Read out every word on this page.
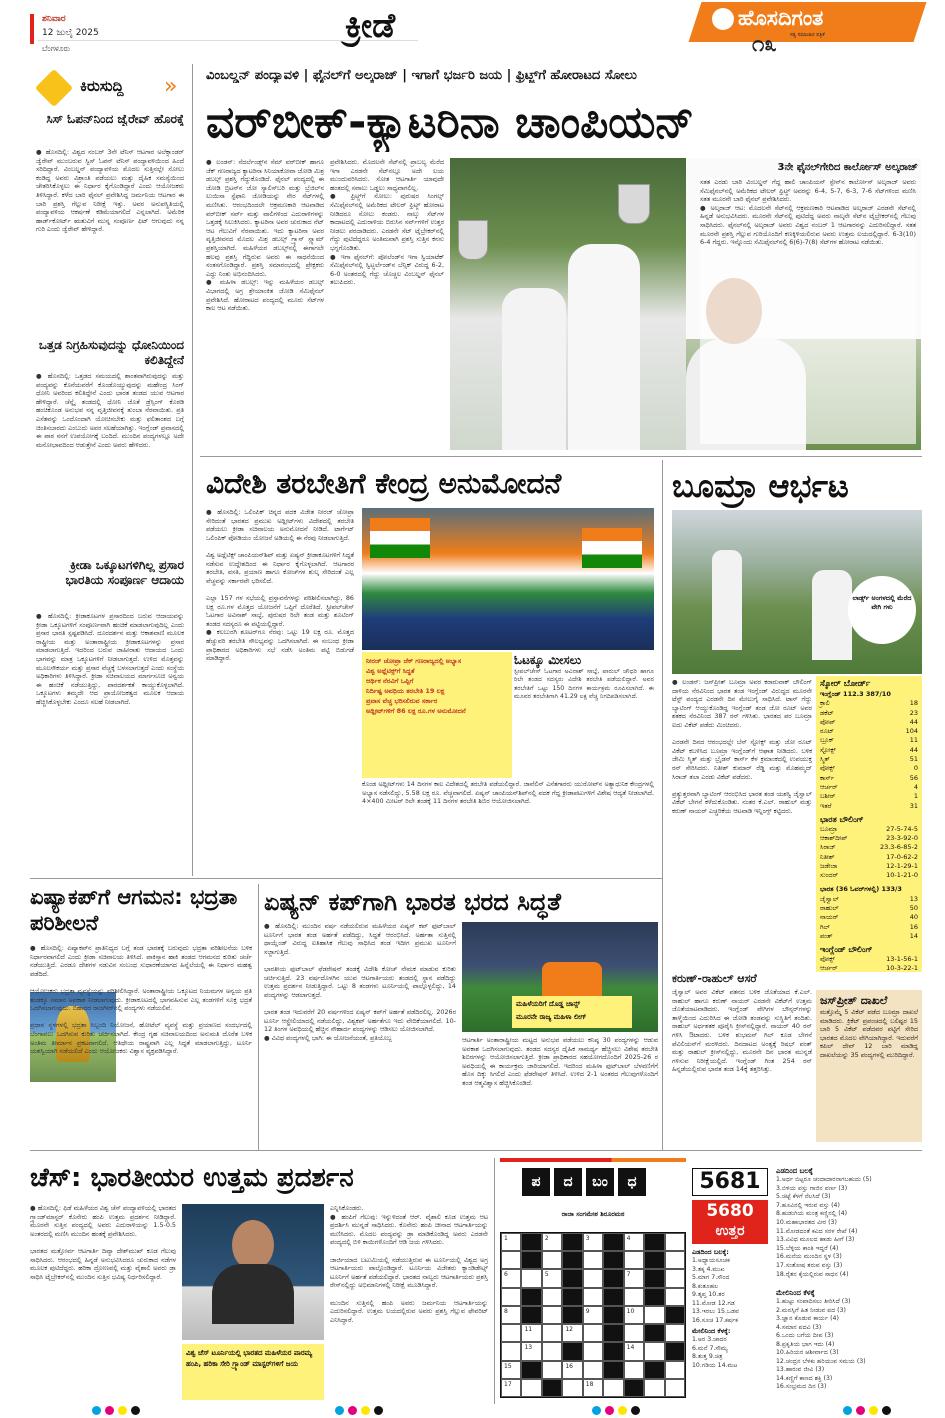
ಶನಿವಾರ
12 ಜುಲೈ 2025
ಬೆಂಗಳೂರು
ಕ್ರೀಡೆ	ಹೊಸದಿಗಂತ
ಸತ್ಯ ಸಮಾಚಾರ ಪತ್ರಿಕೆ
೧೩
ಕಿರುಸುದ್ದಿ »
ಸಿಸ್ ಓಪನ್‌ನಿಂದ ಜ್ವೆರೇವ್ ಹೊರಕ್ಕೆ
● ಹೊಸದಿಲ್ಲಿ: ವಿಶ್ವದ ನಂಬರ್ 3ನೇ ಟೆನಿಸ್ ಆಟಗಾರ ಅಲೆಕ್ಸಾಂಡರ್ ಜ್ವೆರೇವ್ ಮುಂಬರುವ ಸ್ವಿಸ್ ಓಪನ್ ಟೆನಿಸ್ ಪಂದ್ಯಾವಳಿಯಿಂದ ಹಿಂದೆ ಸರಿದಿದ್ದಾರೆ. ವಿಂಬಲ್ಡನ್ ಪಂದ್ಯಾವಳಿಯ ಮೊದಲ ಸುತ್ತಿನಲ್ಲೇ ಸೋಲು ಕಂಡಿದ್ದ ಅವರು ವಿಶ್ರಾಂತಿ ಪಡೆಯಲು ಮತ್ತು ದೈಹಿಕ ಸಮಸ್ಯೆಯಿಂದ ಚೇತರಿಸಿಕೊಳ್ಳಲು ಈ ನಿರ್ಧಾರ ಕೈಗೊಂಡಿದ್ದಾರೆ ಎಂದು ಆಯೋಜಕರು ತಿಳಿಸಿದ್ದಾರೆ. ಕಳೆದ ಬಾರಿ ಫೈನಲ್ ಪ್ರವೇಶಿಸಿದ್ದ ಜರ್ಮನಿಯ ಆಟಗಾರ ಈ ಬಾರಿ ಪ್ರಶಸ್ತಿ ಗೆಲ್ಲುವ ನಿರೀಕ್ಷೆ ಇತ್ತು. ಅವರ ಅನುಪಸ್ಥಿತಿಯಲ್ಲಿ ಪಂದ್ಯಾವಳಿಯ ಆಕರ್ಷಣೆ ಕಡಿಮೆಯಾಗಲಿದೆ ಎನ್ನಲಾಗಿದೆ. ಅಮೆರಿಕ ಹಾರ್ಡ್‌ಕೋರ್ಟ್ ಋತುವಿಗೆ ಮುನ್ನ ಸಂಪೂರ್ಣ ಫಿಟ್ ಆಗುವುದು ನನ್ನ ಗುರಿ ಎಂದು ಜ್ವೆರೇವ್ ಹೇಳಿದ್ದಾರೆ.
ಒತ್ತಡ ನಿಗ್ರಹಿಸುವುದನ್ನು ಧೋನಿಯಿಂದ ಕಲಿತಿದ್ದೇನೆ
● ಹೊಸದಿಲ್ಲಿ: ಒತ್ತಡದ ಸಮಯದಲ್ಲಿ ಶಾಂತವಾಗಿರುವುದನ್ನು ಮತ್ತು ಪಂದ್ಯವನ್ನು ಕೊನೆಯವರೆಗೆ ಕೊಂಡೊಯ್ಯುವುದನ್ನು ಮಹೇಂದ್ರ ಸಿಂಗ್ ಧೋನಿ ಅವರಿಂದ ಕಲಿತಿದ್ದೇನೆ ಎಂದು ಭಾರತ ತಂಡದ ಯುವ ಆಟಗಾರ ಹೇಳಿದ್ದಾರೆ. ಚೆನ್ನೈ ತಂಡದಲ್ಲಿ ಧೋನಿ ಜೊತೆ ಡ್ರೆಸ್ಸಿಂಗ್ ಕೊಠಡಿ ಹಂಚಿಕೊಂಡ ಅನುಭವ ನನ್ನ ವೃತ್ತಿಜೀವನಕ್ಕೆ ತುಂಬಾ ನೆರವಾಯಿತು. ಪ್ರತಿ ಎಸೆತವನ್ನು ಒಂದೊಂದಾಗಿ ಯೋಚಿಸಬೇಕು ಮತ್ತು ಫಲಿತಾಂಶದ ಬಗ್ಗೆ ಚಿಂತಿಸಬಾರದು ಎಂಬುದು ಅವರ ಸಲಹೆಯಾಗಿತ್ತು. ಇಂಗ್ಲೆಂಡ್ ಪ್ರವಾಸದಲ್ಲಿ ಈ ಪಾಠ ನನಗೆ ಉಪಯೋಗಕ್ಕೆ ಬಂದಿದೆ. ಮುಂದಿನ ಪಂದ್ಯಗಳಲ್ಲೂ ಅದೇ ಮನೋಭಾವದಿಂದ ಆಡುತ್ತೇನೆ ಎಂದು ಅವರು ಹೇಳಿದರು.
ಕ್ರೀಡಾ ಒಕ್ಕೂಟಗಳಿಗಿಲ್ಲ ಪ್ರಸಾರ ಭಾರತಿಯ ಸಂಪೂರ್ಣ ಆದಾಯ
● ಹೊಸದಿಲ್ಲಿ: ಕ್ರೀಡಾಕೂಟಗಳ ಪ್ರಸಾರದಿಂದ ಬರುವ ಆದಾಯವನ್ನು ಕ್ರೀಡಾ ಒಕ್ಕೂಟಗಳಿಗೆ ಸಂಪೂರ್ಣವಾಗಿ ಹಂಚಿಕೆ ಮಾಡಲಾಗುವುದಿಲ್ಲ ಎಂದು ಪ್ರಸಾರ ಭಾರತಿ ಸ್ಪಷ್ಟಪಡಿಸಿದೆ. ದೂರದರ್ಶನ ಮತ್ತು ಆಕಾಶವಾಣಿ ಮೂಲಕ ರಾಷ್ಟ್ರೀಯ ಮತ್ತು ಅಂತಾರಾಷ್ಟ್ರೀಯ ಕ್ರೀಡಾಕೂಟಗಳನ್ನು ಪ್ರಸಾರ ಮಾಡಲಾಗುತ್ತಿದೆ. ಇದರಿಂದ ಬರುವ ಜಾಹೀರಾತು ಆದಾಯದ ಒಂದು ಭಾಗವನ್ನು ಮಾತ್ರ ಒಕ್ಕೂಟಗಳಿಗೆ ನೀಡಲಾಗುತ್ತದೆ. ಉಳಿದ ಮೊತ್ತವನ್ನು ಮೂಲಸೌಕರ್ಯ ಮತ್ತು ಪ್ರಸಾರ ವೆಚ್ಚಕ್ಕೆ ಬಳಸಲಾಗುತ್ತದೆ ಎಂದು ಸಂಸ್ಥೆಯ ಅಧಿಕಾರಿಗಳು ತಿಳಿಸಿದ್ದಾರೆ. ಕ್ರೀಡಾ ಸಚಿವಾಲಯದ ಮಾರ್ಗಸೂಚಿ ಅನ್ವಯ ಈ ಹಂಚಿಕೆ ನಡೆಯುತ್ತಿದ್ದು, ಪಾರದರ್ಶಕತೆ ಕಾಯ್ದುಕೊಳ್ಳಲಾಗಿದೆ. ಒಕ್ಕೂಟಗಳು ತಮ್ಮದೇ ಆದ ಪ್ರಾಯೋಜಕತ್ವದ ಮೂಲಕ ಆದಾಯ ಹೆಚ್ಚಿಸಿಕೊಳ್ಳಬೇಕು ಎಂದೂ ಸಲಹೆ ನೀಡಲಾಗಿದೆ.
ವಿಂಬಲ್ಡನ್ ಪಂದ್ಯಾವಳಿ | ಫೈನಲ್‌ಗೆ ಅಲ್ಕರಾಜ್ | ಇಗಾಗೆ ಭರ್ಜರಿ ಜಯ | ಫ್ರಿಟ್ಜ್‌ಗೆ ಹೋರಾಟದ ಸೋಲು
ವರ್‌ಬೀಕ್-ಕ್ಯಾಟರಿನಾ ಚಾಂಪಿಯನ್
● ಲಂಡನ್: ನೆದರ್ಲೆಂಡ್ಸ್‌ನ ಸೆಮ್ ವರ್‌ಬೀಕ್ ಹಾಗೂ ಜೆಕ್ ಗಣರಾಜ್ಯದ ಕ್ಯಾಟರಿನಾ ಸಿನಿಯಾಕೋವಾ ಜೋಡಿ ಮಿಶ್ರ ಡಬಲ್ಸ್ ಪ್ರಶಸ್ತಿ ಗೆದ್ದುಕೊಂಡಿದೆ. ಫೈನಲ್ ಪಂದ್ಯದಲ್ಲಿ ಈ ಜೋಡಿ ಬ್ರಿಟನ್‌ನ ಜೋ ಸ್ಯಾಲಿಸ್‌ಬರಿ ಮತ್ತು ಬ್ರೆಜಿಲ್‌ನ ಲುಯಿಸಾ ಸ್ಟೆಫಾನಿ ಜೋಡಿಯನ್ನು ನೇರ ಸೆಟ್‌ಗಳಲ್ಲಿ ಮಣಿಸಿತು. ಆರಂಭದಿಂದಲೇ ಆಕ್ರಮಣಕಾರಿ ಆಟವಾಡಿದ ವರ್‌ಬೀಕ್ ಸರ್ವ್ ಮತ್ತು ವಾಲಿಗಳಿಂದ ಎದುರಾಳಿಗಳನ್ನು ಒತ್ತಡಕ್ಕೆ ಸಿಲುಕಿಸಿದರು. ಕ್ಯಾಟರಿನಾ ಅವರ ಚುರುಕಾದ ನೆಟ್ ಆಟ ಗೆಲುವಿಗೆ ನೆರವಾಯಿತು. ಇದು ಕ್ಯಾಟರಿನಾ ಅವರ ವೃತ್ತಿಜೀವನದ ಮೊದಲ ಮಿಶ್ರ ಡಬಲ್ಸ್ ಗ್ರ್ಯಾನ್ ಸ್ಲ್ಯಾಮ್ ಪ್ರಶಸ್ತಿಯಾಗಿದೆ. ಮಹಿಳೆಯರ ಡಬಲ್ಸ್‌ನಲ್ಲಿ ಈಗಾಗಲೇ ಹಲವು ಪ್ರಶಸ್ತಿ ಗೆದ್ದಿರುವ ಅವರು ಈ ಸಾಧನೆಯಿಂದ ಸಂತಸಗೊಂಡಿದ್ದಾರೆ. ಪ್ರಶಸ್ತಿ ಸಮಾರಂಭದಲ್ಲಿ ಪ್ರೇಕ್ಷಕರು ಎದ್ದು ನಿಂತು ಅಭಿನಂದಿಸಿದರು.
● ಮಹಿಳಾ ಡಬಲ್ಸ್: ಇನ್ನು ಮಹಿಳೆಯರ ಡಬಲ್ಸ್ ವಿಭಾಗದಲ್ಲಿ ಅಗ್ರ ಶ್ರೇಯಾಂಕಿತ ಜೋಡಿ ಸೆಮಿಫೈನಲ್ ಪ್ರವೇಶಿಸಿದೆ. ಹೋರಾಟದ ಪಂದ್ಯದಲ್ಲಿ ಮೂರು ಸೆಟ್‌ಗಳ ಕಾಲ ಆಟ ನಡೆಯಿತು.
ಪ್ರವೇಶಿಸಿದರು. ಮೊದಲನೇ ಸೆಟ್‌ನಲ್ಲಿ ಪ್ರಾಬಲ್ಯ ಮೆರೆದ ಇಗಾ ಎರಡನೇ ಸೆಟ್‌ನಲ್ಲೂ ಅದೇ ಲಯ ಮುಂದುವರಿಸಿದರು. ಸೋತ ಆಟಗಾರ್ತಿ ಯಾವುದೇ ಹಂತದಲ್ಲಿ ಸವಾಲು ಒಡ್ಡಲು ಸಾಧ್ಯವಾಗಲಿಲ್ಲ.
● ಫ್ರಿಟ್ಜ್‌ಗೆ ಸೋಲು: ಪುರುಷರ ಸಿಂಗಲ್ಸ್ ಸೆಮಿಫೈನಲ್‌ನಲ್ಲಿ ಅಮೆರಿಕದ ಟೇಲರ್ ಫ್ರಿಟ್ಜ್ ಹೋರಾಟ ನೀಡಿದರೂ ಸೋಲು ಕಂಡರು. ನಾಲ್ಕು ಸೆಟ್‌ಗಳ ಕಾದಾಟದಲ್ಲಿ ಎದುರಾಳಿಯ ಬಿರುಸಿನ ಸರ್ವ್‌ಗಳಿಗೆ ಉತ್ತರ ನೀಡಲು ಪರದಾಡಿದರು. ಎರಡನೇ ಸೆಟ್ ಟೈಬ್ರೇಕರ್‌ನಲ್ಲಿ ಗೆದ್ದು ಪುಟಿದೆದ್ದರೂ ಅಂತಿಮವಾಗಿ ಪ್ರಶಸ್ತಿ ಸುತ್ತಿನ ಕನಸು ಭಗ್ನಗೊಂಡಿತು.
● ಇಗಾ ಫೈನಲ್‌ಗೆ: ಪೋಲೆಂಡ್‌ನ ಇಗಾ ಸ್ವಿಯಾಟೆಕ್ ಸೆಮಿಫೈನಲ್‌ನಲ್ಲಿ ಸ್ವಿಟ್ಜರ್ಲೆಂಡ್‌ನ ಬೆನ್ಸಿಕ್ ವಿರುದ್ಧ 6-2, 6-0 ಅಂತರದಲ್ಲಿ ಗೆದ್ದು ಚೊಚ್ಚಲ ವಿಂಬಲ್ಡನ್ ಫೈನಲ್ ತಲುಪಿದರು.
3ನೇ ಫೈನಲ್‌ಗೇರಿದ ಕಾರ್ಲೋಸ್ ಅಲ್ಕರಾಜ್
ಸತತ ಎರಡು ಬಾರಿ ವಿಂಬಲ್ಡನ್ ಗೆದ್ದ ಹಾಲಿ ಚಾಂಪಿಯನ್ ಸ್ಪೇನ್‌ನ ಕಾರ್ಲೋಸ್ ಅಲ್ಕರಾಜ್ ಅವರು ಸೆಮಿಫೈನಲ್‌ನಲ್ಲಿ ಅಮೆರಿಕದ ಟೇಲರ್ ಫ್ರಿಟ್ಜ್ ಅವರನ್ನು 6-4, 5-7, 6-3, 7-6 ಸೆಟ್‌ಗಳಿಂದ ಮಣಿಸಿ ಸತತ ಮೂರನೇ ಬಾರಿ ಫೈನಲ್ ಪ್ರವೇಶಿಸಿದರು.
● ಅಲ್ಕರಾಜ್ ಆಟ: ಮೊದಲನೇ ಸೆಟ್‌ನಲ್ಲಿ ಆಕ್ರಮಣಕಾರಿ ಆಟವಾಡಿದ ಅಲ್ಕರಾಜ್ ಎರಡನೇ ಸೆಟ್‌ನಲ್ಲಿ ಹಿನ್ನಡೆ ಅನುಭವಿಸಿದರು. ಮೂರನೇ ಸೆಟ್‌ನಲ್ಲಿ ಪುಟಿದೆದ್ದ ಅವರು ನಾಲ್ಕನೇ ಸೆಟ್‌ನ ಟೈಬ್ರೇಕರ್‌ನಲ್ಲಿ ಗೆಲುವು ಸಾಧಿಸಿದರು. ಫೈನಲ್‌ನಲ್ಲಿ ಅಲ್ಕರಾಜ್ ಅವರು ವಿಶ್ವದ ನಂಬರ್ 1 ಆಟಗಾರನನ್ನು ಎದುರಿಸಲಿದ್ದಾರೆ. ಸತತ ಮೂರನೇ ಪ್ರಶಸ್ತಿ ಗೆಲ್ಲುವ ಗುರಿಯೊಂದಿಗೆ ಕಣಕ್ಕಿಳಿಯಲಿರುವ ಅವರು ಉತ್ತಮ ಲಯದಲ್ಲಿದ್ದಾರೆ. 6-3(10) 6-4 ಗೆದ್ದರು. ಇನ್ನೊಂದು ಸೆಮಿಫೈನಲ್‌ನಲ್ಲಿ 6(6)-7(8) ಸೆಟ್‌ಗಳ ಹೋರಾಟ ನಡೆಯಿತು.
ವಿದೇಶಿ ತರಬೇತಿಗೆ ಕೇಂದ್ರ ಅನುಮೋದನೆ
● ಹೊಸದಿಲ್ಲಿ: ಒಲಿಂಪಿಕ್ ಚಿನ್ನದ ಪದಕ ವಿಜೇತ ನೀರಜ್ ಚೋಪ್ರಾ ಸೇರಿದಂತೆ ಭಾರತದ ಪ್ರಮುಖ ಅಥ್ಲೀಟ್‌ಗಳು ವಿದೇಶದಲ್ಲಿ ತರಬೇತಿ ಪಡೆಯಲು ಕ್ರೀಡಾ ಸಚಿವಾಲಯ ಅನುಮೋದನೆ ನೀಡಿದೆ. ಟಾರ್ಗೆಟ್ ಒಲಿಂಪಿಕ್ ಪೋಡಿಯಂ ಯೋಜನೆ ಅಡಿಯಲ್ಲಿ ಈ ನೆರವು ನೀಡಲಾಗುತ್ತಿದೆ.

ವಿಶ್ವ ಅಥ್ಲೆಟಿಕ್ಸ್ ಚಾಂಪಿಯನ್‌ಶಿಪ್ ಮತ್ತು ಏಷ್ಯನ್ ಕ್ರೀಡಾಕೂಟಗಳಿಗೆ ಸಿದ್ಧತೆ ನಡೆಸುವ ಉದ್ದೇಶದಿಂದ ಈ ನಿರ್ಧಾರ ಕೈಗೊಳ್ಳಲಾಗಿದೆ. ಆಟಗಾರರ ತರಬೇತಿ, ವಸತಿ, ಪ್ರಯಾಣ ಹಾಗೂ ಕೋಚ್‌ಗಳ ಶುಲ್ಕ ಸೇರಿದಂತೆ ಎಲ್ಲ ವೆಚ್ಚವನ್ನು ಸರ್ಕಾರವೇ ಭರಿಸಲಿದೆ.

ಎಲ್ಲಾ 157 ಗಳ ಸಭೆಯಲ್ಲಿ ಪ್ರಸ್ತಾವನೆಗಳನ್ನು ಪರಿಶೀಲಿಸಲಾಗಿದ್ದು, 86 ಲಕ್ಷ ರೂ.ಗಳ ಮೊತ್ತದ ಯೋಜನೆಗೆ ಒಪ್ಪಿಗೆ ದೊರೆತಿದೆ. ಸ್ಟೀಪಲ್‌ಚೇಸ್ ಓಟಗಾರ ಅವಿನಾಶ್ ಸಾಬ್ಳೆ, ಪುರುಷರ ರಿಲೇ ತಂಡ ಮತ್ತು ಶೂಟಿಂಗ್ ತಂಡದ ಸದಸ್ಯರೂ ಈ ಪಟ್ಟಿಯಲ್ಲಿದ್ದಾರೆ.
● ಕಲಬುರಗಿ ಶೂಟರ್‌ಗೂ ನೆರವು: ಒಟ್ಟು 19 ಲಕ್ಷ ರೂ. ಮೊತ್ತದ ಹೆಚ್ಚುವರಿ ತರಬೇತಿ ಸೌಲಭ್ಯವನ್ನು ಒದಗಿಸಲಾಗಿದೆ. ಈ ಸಂಬಂಧ ಕ್ರೀಡಾ ಪ್ರಾಧಿಕಾರದ ಅಧಿಕಾರಿಗಳು ಸಭೆ ನಡೆಸಿ ಅಂತಿಮ ಪಟ್ಟಿ ಬಿಡುಗಡೆ ಮಾಡಿದ್ದಾರೆ.	ನೀರಜ್ ಚೋಪ್ರಾ ಜೆಕ್ ಗಣರಾಜ್ಯದಲ್ಲಿ ಅಭ್ಯಾಸ
ವಿಶ್ವ ಅಥ್ಲೆಟಿಕ್ಸ್‌ಗೆ ಸಿದ್ಧತೆ
ಆರ್ಥಿಕ ನೆರವಿಗೆ ಒಪ್ಪಿಗೆ
ನಿರ್ದಿಷ್ಟ ಅವಧಿಯ ತರಬೇತಿ 19 ಲಕ್ಷ
ಪ್ರವಾಸ ವೆಚ್ಚ ಭರಿಸಲಿರುವ ಸರ್ಕಾರ
ಅಥ್ಲೀಟ್‌ಗಳಿಗೆ 86 ಲಕ್ಷ ರೂ.ಗಳ ಅನುಮೋದನೆ
ಓಟಕ್ಕೂ ಮೀಸಲು
ಸ್ಟೀಪಲ್‌ಚೇಸ್ ಓಟಗಾರ ಅವಿನಾಶ್ ಸಾಬ್ಳೆ, ಪಾರುಲ್ ಚೌಧರಿ ಹಾಗೂ ರಿಲೇ ತಂಡದ ಸದಸ್ಯರು ವಿದೇಶಿ ತರಬೇತಿ ಪಡೆಯಲಿದ್ದಾರೆ. ಅವರ ತರಬೇತಿಗೆ ಒಟ್ಟು 150 ದಿನಗಳ ಕಾರ್ಯಕ್ರಮ ರೂಪಿಸಲಾಗಿದೆ. ಈ ಮೂವರ ತರಬೇತಿಗಾಗಿ 41.29 ಲಕ್ಷ ವೆಚ್ಚ ನಿಗದಿಪಡಿಸಲಾಗಿದೆ.
ಕೊಂಡ ಅಥ್ಲೀಟ್‌ಗಳು 14 ದಿನಗಳ ಕಾಲ ವಿದೇಶದಲ್ಲಿ ತರಬೇತಿ ಪಡೆಯಲಿದ್ದಾರೆ. ಜಾವೆಲಿನ್ ಎಸೆತಗಾರರು ಯುರೋಪ್‌ನ ಅತ್ಯಾಧುನಿಕ ಕೇಂದ್ರಗಳಲ್ಲಿ ಅಭ್ಯಾಸ ನಡೆಸಲಿದ್ದು, 5.58 ಲಕ್ಷ ರೂ. ವೆಚ್ಚವಾಗಲಿದೆ. ಏಷ್ಯನ್ ಚಾಂಪಿಯನ್‌ಶಿಪ್‌ನಲ್ಲಿ ಪದಕ ಗೆದ್ದ ಕ್ರೀಡಾಪಟುಗಳಿಗೆ ವಿಶೇಷ ಆದ್ಯತೆ ನೀಡಲಾಗಿದೆ. 4×400 ಮೀಟರ್ ರಿಲೇ ತಂಡಕ್ಕೆ 11 ದಿನಗಳ ತರಬೇತಿ ಶಿಬಿರ ಆಯೋಜಿಸಲಾಗಿದೆ.
ಬೂಮ್ರಾ ಆರ್ಭಟ
ಲಾರ್ಡ್ಸ್ ಅಂಗಳದಲ್ಲಿ ಮೆರೆದ ವೇಗಿ ಗಳು
● ಲಂಡನ್: ಜಸ್‌ಪ್ರೀತ್ ಬೂಮ್ರಾ ಅವರ ಕರಾರುವಾಕ್ ಬೌಲಿಂಗ್ ದಾಳಿಯ ನೆರವಿನಿಂದ ಭಾರತ ತಂಡ ಇಂಗ್ಲೆಂಡ್ ವಿರುದ್ಧದ ಮೂರನೇ ಟೆಸ್ಟ್ ಪಂದ್ಯದ ಎರಡನೇ ದಿನ ಮೇಲುಗೈ ಸಾಧಿಸಿದೆ. ಟಾಸ್ ಗೆದ್ದು ಬ್ಯಾಟಿಂಗ್ ಆಯ್ದುಕೊಂಡಿದ್ದ ಇಂಗ್ಲೆಂಡ್ ತಂಡ ಜೋ ರೂಟ್ ಅವರ ಶತಕದ ನೆರವಿನಿಂದ 387 ರನ್ ಗಳಿಸಿತು. ಭಾರತದ ಪರ ಬೂಮ್ರಾ ಐದು ವಿಕೆಟ್ ಪಡೆದು ಮಿಂಚಿದರು.

ಎರಡನೇ ದಿನದ ಆರಂಭದಲ್ಲೇ ಬೆನ್ ಸ್ಟೋಕ್ಸ್ ಮತ್ತು ಜೋ ರೂಟ್ ವಿಕೆಟ್ ಕಬಳಿಸಿದ ಬೂಮ್ರಾ ಇಂಗ್ಲೆಂಡ್‌ಗೆ ಆಘಾತ ನೀಡಿದರು. ಬಳಿಕ ಜೇಮಿ ಸ್ಮಿತ್ ಮತ್ತು ಬ್ರೈಡನ್ ಕಾರ್ಸ್ ಕೆಳ ಕ್ರಮಾಂಕದಲ್ಲಿ ಉಪಯುಕ್ತ ರನ್ ಸೇರಿಸಿದರು. ನಿತೀಶ್ ಕುಮಾರ್ ರೆಡ್ಡಿ ಮತ್ತು ಮೊಹಮ್ಮದ್ ಸಿರಾಜ್ ತಲಾ ಎರಡು ವಿಕೆಟ್ ಪಡೆದರು.

ಪ್ರತ್ಯುತ್ತರವಾಗಿ ಬ್ಯಾಟಿಂಗ್ ಆರಂಭಿಸಿದ ಭಾರತ ತಂಡ ಯಶಸ್ವಿ ಜೈಸ್ವಾಲ್ ವಿಕೆಟ್ ಬೇಗನೆ ಕಳೆದುಕೊಂಡಿತು. ನಂತರ ಕೆ.ಎಲ್. ರಾಹುಲ್ ಮತ್ತು ಕರುಣ್ ನಾಯರ್ ಎಚ್ಚರಿಕೆಯ ಆಟವಾಡಿ ಇನ್ನಿಂಗ್ಸ್ ಕಟ್ಟಿದರು.
ಸ್ಕೋರ್ ಬೋರ್ಡ್
ಇಂಗ್ಲೆಂಡ್ 112.3 387/10
ಕ್ರಾಲಿ	18
ಡಕೆಟ್	23
ಪೋಪ್	44
ರೂಟ್	104
ಬ್ರೂಕ್	11
ಸ್ಟೋಕ್ಸ್	44
ಸ್ಮಿತ್	51
ವೋಕ್ಸ್	0
ಕಾರ್ಸ್	56
ಆರ್ಚರ್	4
ಬಶೀರ್	1
ಇತರೆ	31
ಭಾರತ ಬೌಲಿಂಗ್
ಬೂಮ್ರಾ	27-5-74-5
ಆಕಾಶ್‌ದೀಪ್	23-3-92-0
ಸಿರಾಜ್	23.3-6-85-2
ನಿತೀಶ್	17-0-62-2
ಜಡೇಜಾ	12-1-29-1
ಸುಂದರ್	10-1-21-0
ಭಾರತ (36 ಓವರ್‌ಗಳಲ್ಲಿ) 133/3
ಜೈಸ್ವಾಲ್	13
ರಾಹುಲ್	50
ನಾಯರ್	40
ಗಿಲ್	16
ಪಂತ್	14
ಇಂಗ್ಲೆಂಡ್ ಬೌಲಿಂಗ್
ವೋಕ್ಸ್	13-1-56-1
ಆರ್ಚರ್	10-3-22-1
ಕರುಣ್-ರಾಹುಲ್ ಆಸರೆ
ಜೈಸ್ವಾಲ್ ಅವರ ವಿಕೆಟ್ ಪತನದ ಬಳಿಕ ಜೊತೆಯಾದ ಕೆ.ಎಲ್. ರಾಹುಲ್ ಹಾಗೂ ಕರುಣ್ ನಾಯರ್ ಎರಡನೇ ವಿಕೆಟ್‌ಗೆ ಉತ್ತಮ ಜೊತೆಯಾಟವಾಡಿದರು. ಇಂಗ್ಲೆಂಡ್ ವೇಗಿಗಳ ಬೌನ್ಸರ್‌ಗಳನ್ನು ತಾಳ್ಮೆಯಿಂದ ಎದುರಿಸಿದ ಈ ಜೋಡಿ ತಂಡವನ್ನು ಸುಸ್ಥಿತಿಗೆ ತಂದಿತು. ರಾಹುಲ್ ಅರ್ಧಶತಕ ಪೂರೈಸಿ ಕ್ರೀಸ್‌ನಲ್ಲಿದ್ದಾರೆ. ನಾಯರ್ 40 ರನ್ ಗಳಿಸಿ ಔಟಾದರು. ಬಳಿಕ ಶುಭಮನ್ ಗಿಲ್ ಕೂಡ ಬೇಗನೆ ಪೆವಿಲಿಯನ್‌ಗೆ ಮರಳಿದರು. ದಿನದಾಟದ ಅಂತ್ಯಕ್ಕೆ ರಿಷಭ್ ಪಂತ್ ಮತ್ತು ರಾಹುಲ್ ಕ್ರೀಸ್‌ನಲ್ಲಿದ್ದು, ಮೂರನೇ ದಿನ ಭಾರತ ಮುನ್ನಡೆ ಗಳಿಸುವ ನಿರೀಕ್ಷೆಯಲ್ಲಿದೆ. ಇಂಗ್ಲೆಂಡ್ ಗಿಂತ 254 ರನ್ ಹಿನ್ನಡೆಯಲ್ಲಿರುವ ಭಾರತ ತಂಡ 14ಕ್ಕೆ ತತ್ತರಿಸಿತ್ತು.
ಜಸ್‌ಪ್ರೀತ್ ದಾಖಲೆ
ಮತ್ತೊಮ್ಮೆ 5 ವಿಕೆಟ್ ಪಡೆದ ಬೂಮ್ರಾ ದಾಖಲೆ ಮಾಡಿದರು. ಕ್ರಿಕೆಟ್ ಪ್ರಪಂಚದಲ್ಲಿ ಬಲಿಷ್ಟರ 15 ಬಾರಿ 5 ವಿಕೆಟ್ ಪಡೆದವರ ಪಟ್ಟಿಗೆ ಸೇರಿದ ಭಾರತದ ಮೊದಲ ವೇಗಿಯಾಗಿದ್ದಾರೆ. ಇದುವರೆಗೆ ಕಪಿಲ್ ದೇವ್ 12 ಬಾರಿ ಮಾಡಿದ್ದ ದಾಖಲೆಯನ್ನು 35 ಪಂದ್ಯಗಳಲ್ಲಿ ಮುರಿದಿದ್ದಾರೆ.
ಏಷ್ಯಾಕಪ್‌ಗೆ ಆಗಮನ: ಭದ್ರತಾ ಪರಿಶೀಲನೆ
● ಹೊಸದಿಲ್ಲಿ: ಏಷ್ಯಾಕಪ್‌ನ ಪ್ರಾತಿನಿಧ್ಯದ ಬಗ್ಗೆ ತಂಡ ಭಾರತಕ್ಕೆ ಬರುವುದು ಭದ್ರತಾ ಪರಿಶೀಲನೆಯ ಬಳಿಕ ನಿರ್ಧಾರವಾಗಲಿದೆ ಎಂದು ಕ್ರೀಡಾ ಸಚಿವಾಲಯ ತಿಳಿಸಿದೆ. ಪಾಕಿಸ್ತಾನ ಹಾಕಿ ತಂಡದ ಆಗಮನದ ಕುರಿತು ಚರ್ಚೆ ನಡೆಯುತ್ತಿದೆ. ಎರಡೂ ದೇಶಗಳ ನಡುವಿನ ಸಂಬಂಧ ಸುಧಾರಣೆಯಾಗದ ಹಿನ್ನೆಲೆಯಲ್ಲಿ ಈ ನಿರ್ಧಾರ ಮಹತ್ವ ಪಡೆದಿದೆ.

ಆಯೋಜಕರು ಭದ್ರತಾ ವ್ಯವಸ್ಥೆಯನ್ನು ಪರಿಶೀಲಿಸಿದ್ದಾರೆ. ಅಂತಾರಾಷ್ಟ್ರೀಯ ಒಕ್ಕೂಟದ ನಿಯಮಗಳ ಅನ್ವಯ ಪ್ರತಿ ತಂಡಕ್ಕೂ ಸಮಾನ ಅವಕಾಶ ನೀಡಲಾಗುವುದು. ಕ್ರೀಡಾಕೂಟದಲ್ಲಿ ಭಾಗವಹಿಸುವ ಎಲ್ಲ ತಂಡಗಳಿಗೆ ಸೂಕ್ತ ಭದ್ರತೆ ಒದಗಿಸಲಾಗುವುದು. ಬಿಹಾರದ ರಾಜಗೀರ್‌ನಲ್ಲಿ ಪಂದ್ಯಗಳು ನಡೆಯಲಿವೆ.

ಪ್ರಧಾನ ಸ್ಥಳಗಳಲ್ಲಿ ಭದ್ರತಾ ಸಿಬ್ಬಂದಿ ನಿಯೋಜನೆ, ಹೋಟೆಲ್ ವ್ಯವಸ್ಥೆ ಮತ್ತು ಪ್ರಯಾಣದ ಸಂದರ್ಭದಲ್ಲಿ ಬೆಂಗಾವಲು ಒದಗಿಸುವ ಕುರಿತು ಚರ್ಚಿಸಲಾಗಿದೆ. ಕೇಂದ್ರ ಗೃಹ ಸಚಿವಾಲಯದಿಂದ ಅನುಮತಿ ದೊರೆತ ಬಳಿಕ ಅಂತಿಮ ತೀರ್ಮಾನ ಪ್ರಕಟವಾಗಲಿದೆ. ಆತಿಥೇಯ ರಾಷ್ಟ್ರವಾಗಿ ಎಲ್ಲ ಸಿದ್ಧತೆ ಮಾಡಲಾಗುತ್ತಿದ್ದು, ಟೂರ್ನಿ ಯಶಸ್ವಿಯಾಗಿ ನಡೆಯಲಿದೆ ಎಂದು ಆಯೋಜಕರು ವಿಶ್ವಾಸ ವ್ಯಕ್ತಪಡಿಸಿದ್ದಾರೆ.
ಏಷ್ಯನ್ ಕಪ್‌ಗಾಗಿ ಭಾರತ ಭರದ ಸಿದ್ಧತೆ
● ಹೊಸದಿಲ್ಲಿ: ಮುಂದಿನ ವರ್ಷ ನಡೆಯಲಿರುವ ಮಹಿಳೆಯರ ಏಷ್ಯನ್ ಕಪ್ ಫುಟ್‌ಬಾಲ್ ಟೂರ್ನಿಗೆ ಭಾರತ ತಂಡ ಅರ್ಹತೆ ಪಡೆದಿದ್ದು, ಸಿದ್ಧತೆ ಆರಂಭಿಸಿದೆ. ಅರ್ಹತಾ ಸುತ್ತಿನಲ್ಲಿ ಥಾಯ್ಲೆಂಡ್ ವಿರುದ್ಧ ಐತಿಹಾಸಿಕ ಗೆಲುವು ಸಾಧಿಸಿದ ತಂಡ ಇದೀಗ ಪ್ರಮುಖ ಟೂರ್ನಿಗೆ ಸಜ್ಜಾಗುತ್ತಿದೆ.

ಭಾರತೀಯ ಫುಟ್‌ಬಾಲ್ ಫೆಡರೇಷನ್ ತಂಡಕ್ಕೆ ವಿದೇಶಿ ಕೋಚ್ ನೇಮಕ ಮಾಡುವ ಕುರಿತು ಚರ್ಚಿಸುತ್ತಿದೆ. 23 ವರ್ಷದೊಳಗಿನ ಯುವ ಆಟಗಾರ್ತಿಯರು ತಂಡದಲ್ಲಿ ಸ್ಥಾನ ಪಡೆದಿದ್ದು ಉತ್ತಮ ಪ್ರದರ್ಶನ ನೀಡುತ್ತಿದ್ದಾರೆ. ಒಟ್ಟು 8 ತಂಡಗಳು ಟೂರ್ನಿಯಲ್ಲಿ ಪಾಲ್ಗೊಳ್ಳಲಿದ್ದು, 14 ಪಂದ್ಯಗಳನ್ನು ಆಡಲಾಗುತ್ತದೆ.

ಭಾರತ ತಂಡ ಇದುವರೆಗೆ 20 ವರ್ಷಗಳಿಂದ ಏಷ್ಯನ್ ಕಪ್‌ಗೆ ಅರ್ಹತೆ ಪಡೆದಿರಲಿಲ್ಲ. 2026ರ ಟೂರ್ನಿ ಆಸ್ಟ್ರೇಲಿಯಾದಲ್ಲಿ ನಡೆಯಲಿದ್ದು, ವಿಶ್ವಕಪ್ ಅರ್ಹತೆಗೂ ಇದು ವೇದಿಕೆಯಾಗಲಿದೆ. 10-12 ತಿಂಗಳ ಅವಧಿಯಲ್ಲಿ ಹೆಚ್ಚಿನ ಸೌಹಾರ್ದ ಪಂದ್ಯಗಳನ್ನು ಆಡಿಸಲು ಯೋಜಿಸಲಾಗಿದೆ.
● ವಿವಿಧ ಪಂದ್ಯಗಳಲ್ಲಿ ಭಾಗಿ: ಈ ಯೋಜನೆಯಂತೆ, ಪ್ರತಿಯೊಬ್ಬ
ಮಹಿಳೆಯರಿಗೆ ದೊಡ್ಡ ಚಾನ್ಸ್
ಮೂರನೇ ರಾಜ್ಯ ಮಹಿಳಾ ಲೀಗ್
ಆಟಗಾರ್ತಿ ಅಂತಾರಾಷ್ಟ್ರೀಯ ಮಟ್ಟದ ಅನುಭವ ಪಡೆಯಲು ಕನಿಷ್ಠ 30 ಪಂದ್ಯಗಳನ್ನು ಆಡುವ ಅವಕಾಶ ಒದಗಿಸಲಾಗುವುದು. ತಂಡದ ಸದಸ್ಯರ ದೈಹಿಕ ಸಾಮರ್ಥ್ಯ ಹೆಚ್ಚಿಸಲು ವಿಶೇಷ ತರಬೇತಿ ಶಿಬಿರಗಳನ್ನು ಆಯೋಜಿಸಲಾಗುತ್ತಿದೆ. ಕ್ರೀಡಾ ಪ್ರಾಧಿಕಾರದ ಸಹಯೋಗದೊಂದಿಗೆ 2025-26 ರ ಅವಧಿಯಲ್ಲಿ ಈ ಕಾರ್ಯಕ್ರಮ ಜಾರಿಯಾಗಲಿದೆ. ಇದರಿಂದ ಮಹಿಳಾ ಫುಟ್‌ಬಾಲ್ ಬೆಳವಣಿಗೆಗೆ ಹೊಸ ದಿಕ್ಕು ಸಿಗಲಿದೆ ಎಂದು ಫೆಡರೇಷನ್ ತಿಳಿಸಿದೆ. ಉಳಿದ 2-1 ಅಂತರದ ಗೆಲುವುಗಳೊಂದಿಗೆ ತಂಡ ಆತ್ಮವಿಶ್ವಾಸ ಹೆಚ್ಚಿಸಿಕೊಂಡಿದೆ.
ಚೆಸ್: ಭಾರತೀಯರ ಉತ್ತಮ ಪ್ರದರ್ಶನ
● ಹೊಸದಿಲ್ಲಿ: ಫಿಡೆ ಮಹಿಳೆಯರ ವಿಶ್ವ ಚೆಸ್ ಪಂದ್ಯಾವಳಿಯಲ್ಲಿ ಭಾರತದ ಗ್ರ್ಯಾಂಡ್‌ಮಾಸ್ಟರ್ ಕೊನೇರು ಹಂಪಿ ಉತ್ತಮ ಪ್ರದರ್ಶನ ನೀಡಿದ್ದಾರೆ. ಮೂರನೇ ಸುತ್ತಿನ ಪಂದ್ಯದಲ್ಲಿ ಅವರು ಎದುರಾಳಿಯನ್ನು 1.5-0.5 ಅಂತರದಲ್ಲಿ ಮಣಿಸಿ ಮುಂದಿನ ಹಂತಕ್ಕೆ ಪ್ರವೇಶಿಸಿದರು.

ಭಾರತದ ಮತ್ತೋರ್ವ ಆಟಗಾರ್ತಿ ದಿವ್ಯಾ ದೇಶ್‌ಮುಖ್ ಕೂಡ ಗೆಲುವು ಸಾಧಿಸಿದರು. ಆರಂಭದಲ್ಲಿ ಹಿನ್ನಡೆ ಅನುಭವಿಸಿದರೂ ಚುರುಕಾದ ನಡೆಗಳ ಮೂಲಕ ಪುಟಿದೆದ್ದರು. ಹರಿಕಾ ದ್ರೋಣವಲ್ಲಿ ಮತ್ತು ವೈಶಾಲಿ ಅವರು ಡ್ರಾ ಸಾಧಿಸಿ ಟೈಬ್ರೇಕರ್‌ನಲ್ಲಿ ಮುಂದಿನ ಸುತ್ತಿನ ಭವಿಷ್ಯ ನಿರ್ಧರಿಸಲಿದ್ದಾರೆ.
ವಿಶ್ವ ಚೆಸ್‌ ಟೂರ್ನಿಯಲ್ಲಿ ಭಾರತದ ಮಹಿಳೆಯರ ಪಾರಮ್ಯ
ಹಂಪಿ, ಹರಿಕಾ ಸೇರಿ ಗ್ರ್ಯಾಂಡ್ ಮಾಸ್ಟರ್‌ಗಳಿಗೆ ಜಯ
ಎನ್ನಿಸಿಕೊಂಡರು.
● ಹಂಪಿಗೆ ಗೆಲುವು: ಇನ್ನುಳಿದಂತೆ ಆರ್. ವೈಶಾಲಿ ಕೂಡ ಉತ್ತಮ ಆಟ ಪ್ರದರ್ಶಿಸಿ ಮುನ್ನಡೆ ಸಾಧಿಸಿದರು. ಕೊನೇರು ಹಂಪಿ ಚೀನಾದ ಆಟಗಾರ್ತಿಯನ್ನು ಮಣಿಸಿದರು. ಮೊದಲ ಪಂದ್ಯವನ್ನು ಡ್ರಾ ಮಾಡಿಕೊಂಡಿದ್ದ ಅವರು ಎರಡನೇ ಪಂದ್ಯದಲ್ಲಿ ಬಿಳಿ ಕಾಯಿಗಳೊಂದಿಗೆ ಆಡಿ ಜಯ ಗಳಿಸಿದರು.

ಜಾರ್ಜಿಯಾದ ಬಟುಮಿಯಲ್ಲಿ ನಡೆಯುತ್ತಿರುವ ಈ ಟೂರ್ನಿಯಲ್ಲಿ ವಿಶ್ವದ ಅಗ್ರ ಆಟಗಾರ್ತಿಯರು ಪಾಲ್ಗೊಂಡಿದ್ದಾರೆ. ಟೂರ್ನಿಯ ವಿಜೇತರು ಕ್ಯಾಂಡಿಡೇಟ್ಸ್ ಟೂರ್ನಿಗೆ ಅರ್ಹತೆ ಪಡೆಯಲಿದ್ದಾರೆ. ಭಾರತದ ನಾಲ್ವರು ಆಟಗಾರ್ತಿಯರು ಪ್ರಶಸ್ತಿ ರೇಸ್‌ನಲ್ಲಿದ್ದು ಅಭಿಮಾನಿಗಳಲ್ಲಿ ನಿರೀಕ್ಷೆ ಮೂಡಿಸಿದ್ದಾರೆ.

ಮುಂದಿನ ಸುತ್ತಿನಲ್ಲಿ ಹಂಪಿ ಅವರು ಜರ್ಮನಿಯ ಆಟಗಾರ್ತಿಯನ್ನು ಎದುರಿಸಲಿದ್ದಾರೆ. ಉತ್ತಮ ಲಯದಲ್ಲಿರುವ ಅವರು ಪ್ರಶಸ್ತಿ ಗೆಲ್ಲುವ ಫೇವರಿಟ್ ಎನಿಸಿದ್ದಾರೆ.
ಪ	ದ	ಬಂ	ಧ
ರಾಜಾ ಸಂಗಮೇಶ ಶಿರೂರಮಠ
1	2	3	4
6	5	7
8	9	10
11	12
13	14
15	16
17	18
5681
5680
ಉತ್ತರ
ಎಡದಿಂದ ಬಲಕ್ಕೆ:
1.ಅಧ್ಯಾಯಸೂಚಕ
3.ತಕ್ಕ 4.ಮುಖ
5.ಮಾಗ 7.ಸೌಂದ
8.ಕುತೂಹಲ
9.ತೃಪ್ತ 10.ತರ
11.ಮೋಡ 12.ಗಡ
13.ಇರಲು 15.ಒಡವ
16.ಸೂಚ 17.ಕರ್ಷಕ
ಮೇಲಿನಿಂದ ಕೆಳಕ್ಕೆ:
1.ಅರ 3.ಚಾದರ
6.ಮನೆ 7.ಸೌಮ್ಯ
8.ತುತ್ತ 9.ಚಿತ್ರ
10.ಗಡಿಯ 14.ಮಟ
ಎಡದಿಂದ ಬಲಕ್ಕೆ
1.ಅರ್ಧ ಬಿಟ್ಟರೂ ಚಂದಾದಾರನಾಗಬಹುದು (5)
3.ಬಿಳಿಯ ವಸ್ತು ಗಾಜಿನ ವರ್ಣ (3)
5.ಚಿಟ್ಟೆ ಕೆಳಗೆ ನೆಲಸಿದೆ (3)
7.ಹೂವಿನಲ್ಲಿ ಇರುವ ವಸ್ತು (4)
8.ಹುಡುಗಿಯ ಮಂತ್ರ ಕಣ್ಣಿನಲ್ಲಿ (4)
10.ಮಹಾಭಾರತದ ವೀರ (3)
11.ಮೋಡದಂತೆ ಕವಿದ ಸರಳ ರೇಖೆ (4)
13.ವಿವಿಧ ಮೂಲದ ಹಾಡು ಹೀಗೆ (3)
15.ಬೆಳ್ಳಿಯ ಕಾಂತಿ ಇದ್ದರೆ (4)
16.ಮನೆಯ ಮುಂದಿನ ಸ್ಥಳ (3)
17.ಸಂತೋಷ ತರುವ ವಸ್ತು (3)
18.ರೈತನ ಕೈಯಲ್ಲಿರುವ ಸಾಧನ (4)
ಮೇಲಿನಿಂದ ಕೆಳಕ್ಕೆ
1.ಹುಟ್ಟು ಸಂಪಾದಿಸಲು ತೀರಿಸಿದೆ (3)
2.ಮನಸ್ಸಿಗೆ ಹಿತ ನೀಡುವ ಪದ (3)
3.ಜ್ಞಾನ ಕೊಡುವ ಕಾರ್ಯ (4)
4.ಸಮಾನ ಪದವಿ (3)
6.ಒಂದು ಬಗೆಯ ದೀಪ (3)
8.ಪ್ರಕೃತಿಯ ಭಾಗ ಇದು (4)
10.ಹಿರಿಯರ ಆಶೀರ್ವಾದ (3)
12.ಚಂದ್ರನ ಬೆಳಕು ಹರಿಯುವ ಸಮಯ (3)
13.ಹಾರುವ ಜೀವಿ (3)
14.ಕಣ್ಣಿಗೆ ಕಾಣದ ಶಕ್ತಿ (3)
16.ಸಂಭ್ರಮದ ದಿನ (3)
